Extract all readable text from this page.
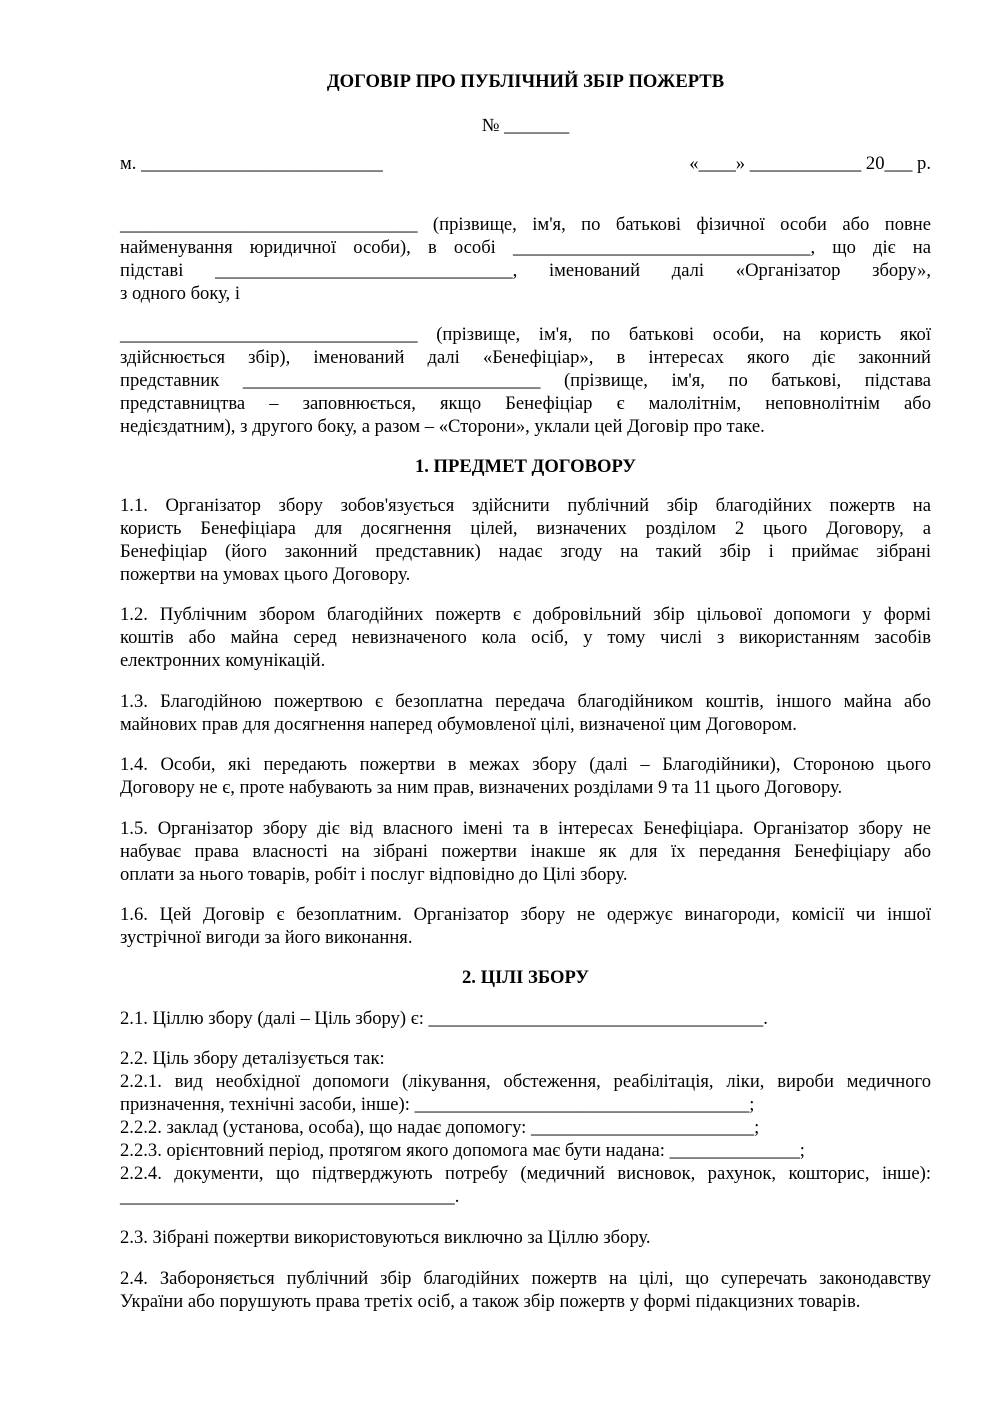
ДОГОВІР ПРО ПУБЛІЧНИЙ ЗБІР ПОЖЕРТВ
№ _______
м. __________________________	«____» ____________ 20___ р.
________________________________ (прізвище, ім'я, по батькові фізичної особи або повне
найменування юридичної особи), в особі ________________________________, що діє на
підставі ________________________________, іменований далі «Організатор збору»,
з одного боку, і
________________________________ (прізвище, ім'я, по батькові особи, на користь якої
здійснюється збір), іменований далі «Бенефіціар», в інтересах якого діє законний
представник ________________________________ (прізвище, ім'я, по батькові, підстава
представництва – заповнюється, якщо Бенефіціар є малолітнім, неповнолітнім або
недієздатним), з другого боку, а разом – «Сторони», уклали цей Договір про таке.
1. ПРЕДМЕТ ДОГОВОРУ
1.1. Організатор збору зобов'язується здійснити публічний збір благодійних пожертв на
користь Бенефіціара для досягнення цілей, визначених розділом 2 цього Договору, а
Бенефіціар (його законний представник) надає згоду на такий збір і приймає зібрані
пожертви на умовах цього Договору.
1.2. Публічним збором благодійних пожертв є добровільний збір цільової допомоги у формі
коштів або майна серед невизначеного кола осіб, у тому числі з використанням засобів
електронних комунікацій.
1.3. Благодійною пожертвою є безоплатна передача благодійником коштів, іншого майна або
майнових прав для досягнення наперед обумовленої цілі, визначеної цим Договором.
1.4. Особи, які передають пожертви в межах збору (далі – Благодійники), Стороною цього
Договору не є, проте набувають за ним прав, визначених розділами 9 та 11 цього Договору.
1.5. Організатор збору діє від власного імені та в інтересах Бенефіціара. Організатор збору не
набуває права власності на зібрані пожертви інакше як для їх передання Бенефіціару або
оплати за нього товарів, робіт і послуг відповідно до Цілі збору.
1.6. Цей Договір є безоплатним. Організатор збору не одержує винагороди, комісії чи іншої
зустрічної вигоди за його виконання.
2. ЦІЛІ ЗБОРУ
2.1. Ціллю збору (далі – Ціль збору) є: ____________________________________.
2.2. Ціль збору деталізується так:
2.2.1. вид необхідної допомоги (лікування, обстеження, реабілітація, ліки, вироби медичного
призначення, технічні засоби, інше): ____________________________________;
2.2.2. заклад (установа, особа), що надає допомогу: ________________________;
2.2.3. орієнтовний період, протягом якого допомога має бути надана: ______________;
2.2.4. документи, що підтверджують потребу (медичний висновок, рахунок, кошторис, інше):
____________________________________.
2.3. Зібрані пожертви використовуються виключно за Ціллю збору.
2.4. Забороняється публічний збір благодійних пожертв на цілі, що суперечать законодавству
України або порушують права третіх осіб, а також збір пожертв у формі підакцизних товарів.
